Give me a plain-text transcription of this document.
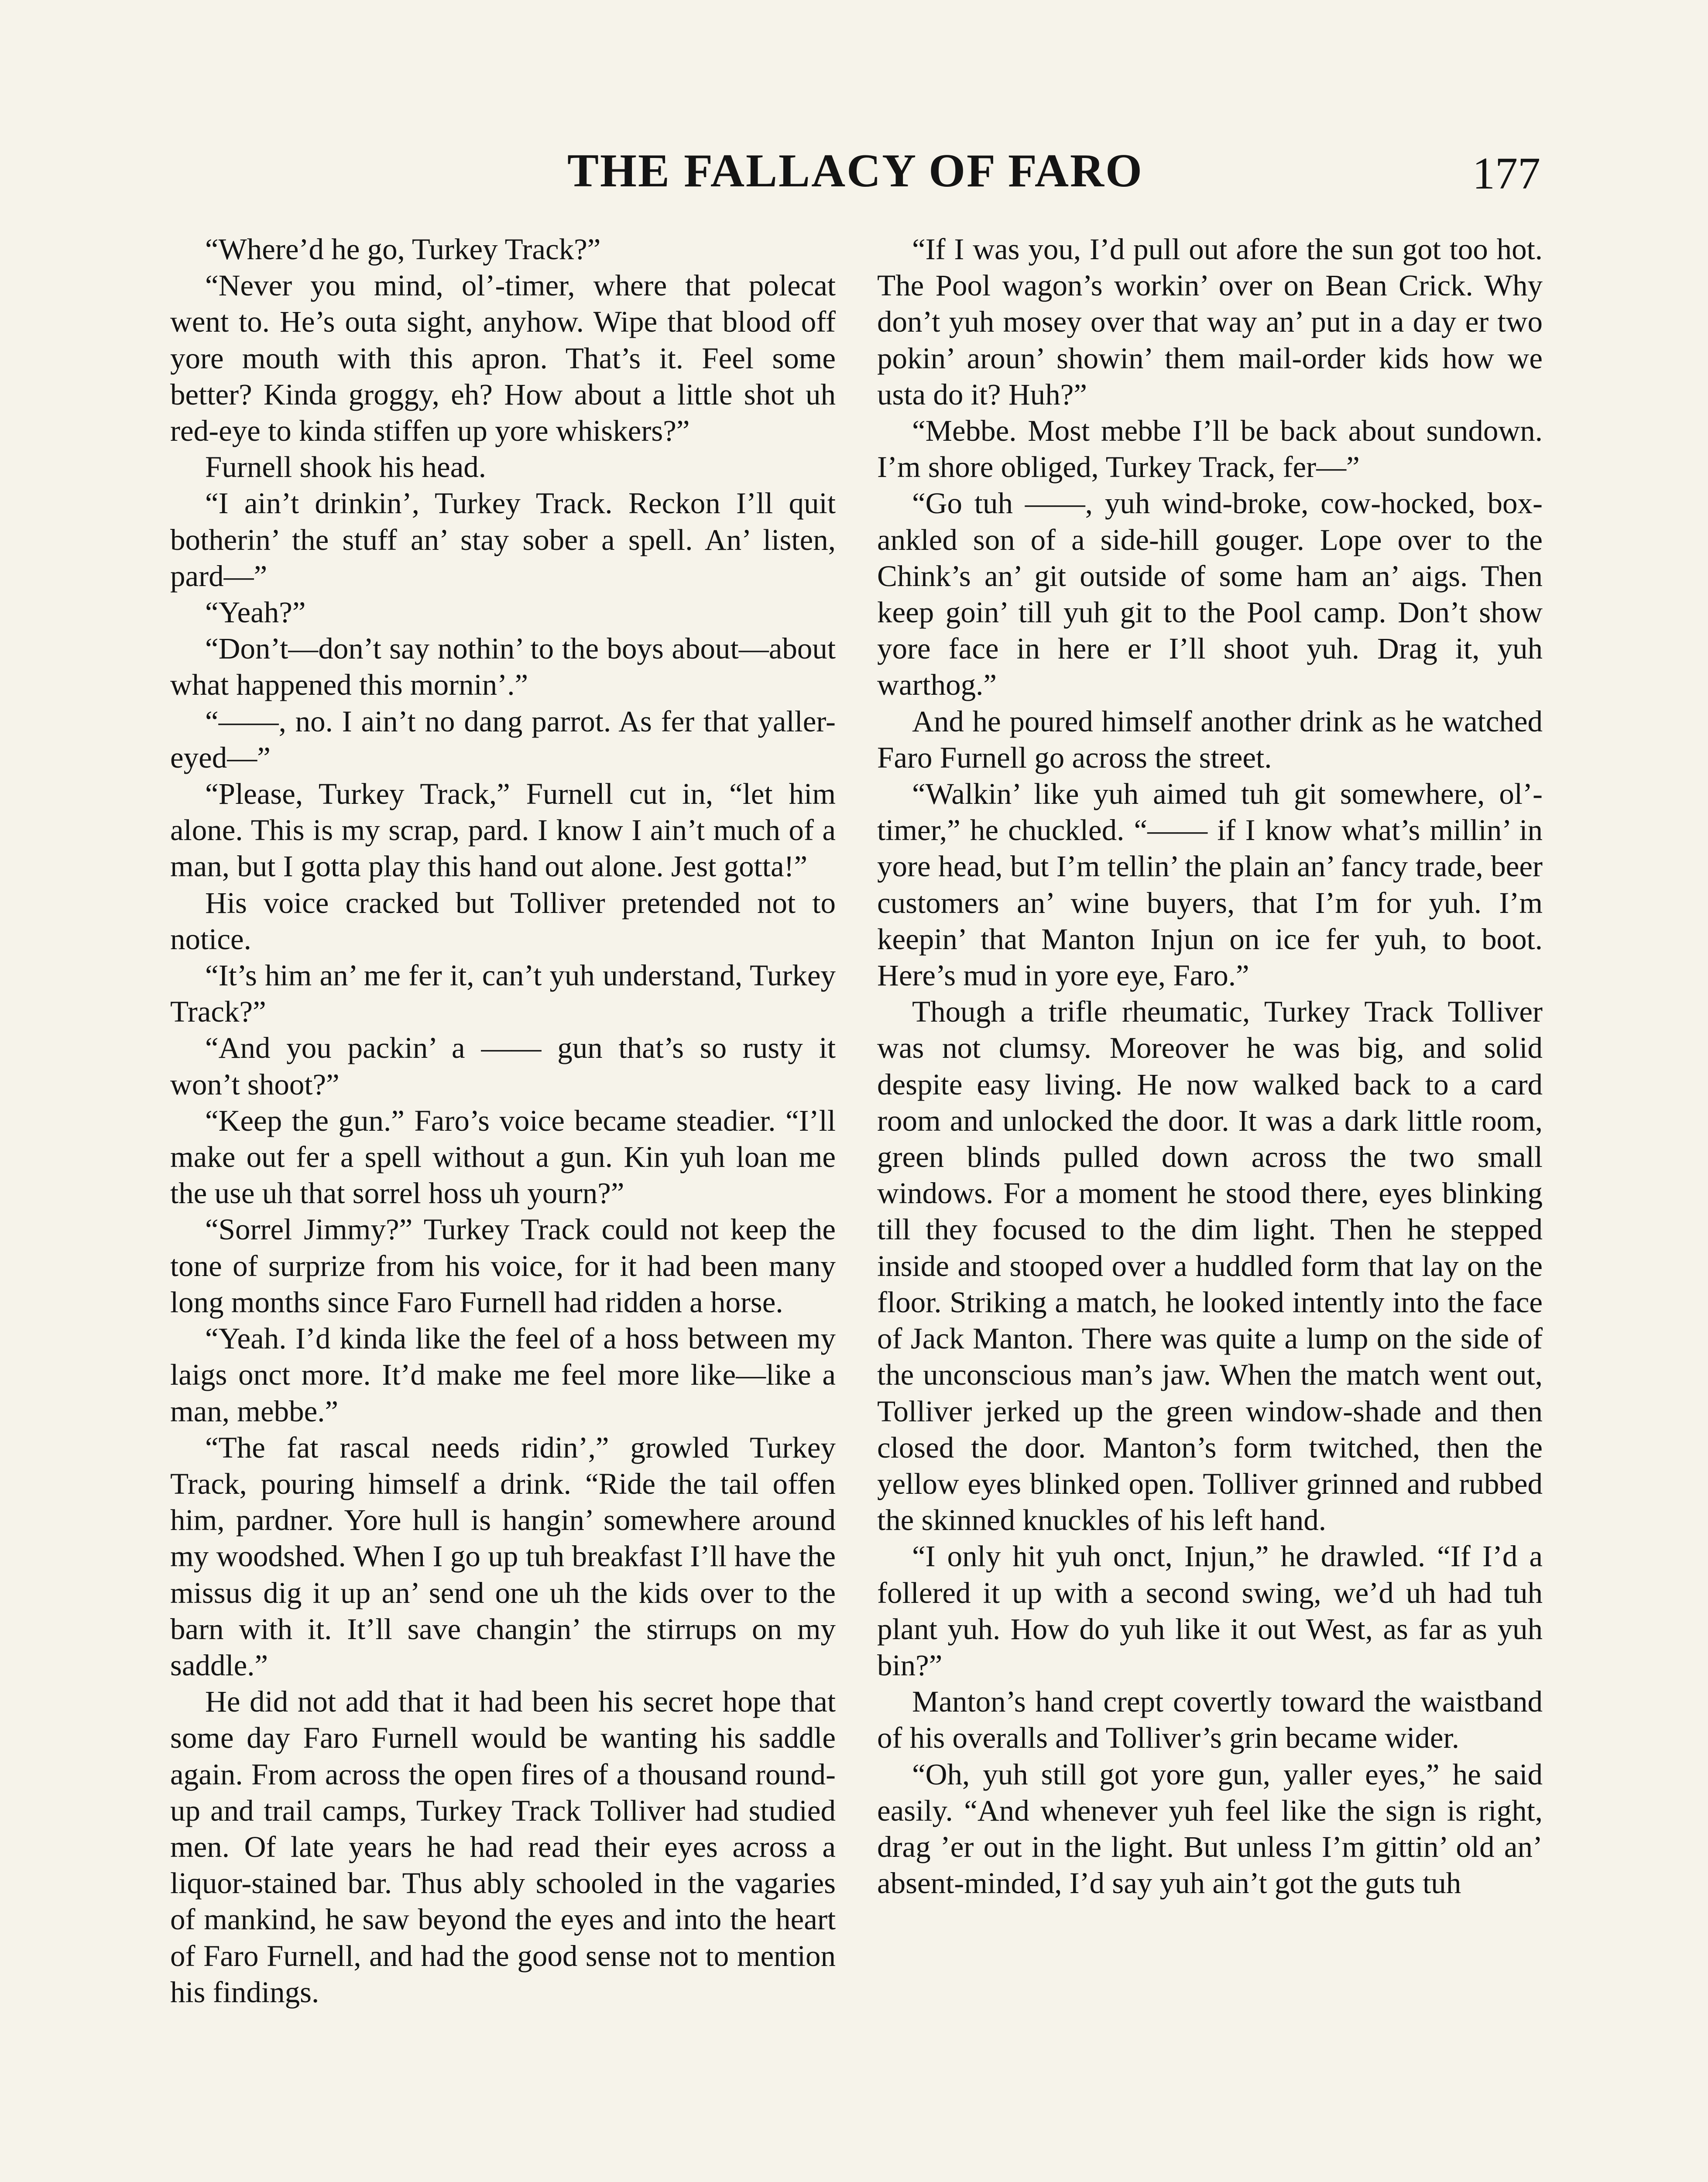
THE FALLACY OF FARO	177

“Where’d he go, Turkey Track?”

“Never you mind, ol’-timer, where that polecat went to. He’s outa sight, anyhow. Wipe that blood off yore mouth with this apron. That’s it. Feel some better? Kinda groggy, eh? How about a little shot uh red-eye to kinda stiffen up yore whiskers?”

Furnell shook his head.

“I ain’t drinkin’, Turkey Track. Reckon I’ll quit botherin’ the stuff an’ stay sober a spell. An’ listen, pard—”

“Yeah?”

“Don’t—don’t say nothin’ to the boys about—about what happened this mornin’.”

“——, no. I ain’t no dang parrot. As fer that yaller-eyed—”

“Please, Turkey Track,” Furnell cut in, “let him alone. This is my scrap, pard. I know I ain’t much of a man, but I gotta play this hand out alone. Jest gotta!”

His voice cracked but Tolliver pretended not to notice.

“It’s him an’ me fer it, can’t yuh understand, Turkey Track?”

“And you packin’ a —— gun that’s so rusty it won’t shoot?”

“Keep the gun.” Faro’s voice became steadier. “I’ll make out fer a spell without a gun. Kin yuh loan me the use uh that sorrel hoss uh yourn?”

“Sorrel Jimmy?” Turkey Track could not keep the tone of surprize from his voice, for it had been many long months since Faro Furnell had ridden a horse.

“Yeah. I’d kinda like the feel of a hoss between my laigs onct more. It’d make me feel more like—like a man, mebbe.”

“The fat rascal needs ridin’,” growled Turkey Track, pouring himself a drink. “Ride the tail offen him, pardner. Yore hull is hangin’ somewhere around my woodshed. When I go up tuh breakfast I’ll have the missus dig it up an’ send one uh the kids over to the barn with it. It’ll save changin’ the stirrups on my saddle.”

He did not add that it had been his secret hope that some day Faro Furnell would be wanting his saddle again. From across the open fires of a thousand round-up and trail camps, Turkey Track Tolliver had studied men. Of late years he had read their eyes across a liquor-stained bar. Thus ably schooled in the vagaries of mankind, he saw beyond the eyes and into the heart of Faro Furnell, and had the good sense not to mention his findings.

“If I was you, I’d pull out afore the sun got too hot. The Pool wagon’s workin’ over on Bean Crick. Why don’t yuh mosey over that way an’ put in a day er two pokin’ aroun’ showin’ them mail-order kids how we usta do it? Huh?”

“Mebbe. Most mebbe I’ll be back about sundown. I’m shore obliged, Turkey Track, fer—”

“Go tuh ——, yuh wind-broke, cow-hocked, box-ankled son of a side-hill gouger. Lope over to the Chink’s an’ git outside of some ham an’ aigs. Then keep goin’ till yuh git to the Pool camp. Don’t show yore face in here er I’ll shoot yuh. Drag it, yuh warthog.”

And he poured himself another drink as he watched Faro Furnell go across the street.

“Walkin’ like yuh aimed tuh git somewhere, ol’-timer,” he chuckled. “—— if I know what’s millin’ in yore head, but I’m tellin’ the plain an’ fancy trade, beer customers an’ wine buyers, that I’m for yuh. I’m keepin’ that Manton Injun on ice fer yuh, to boot. Here’s mud in yore eye, Faro.”

Though a trifle rheumatic, Turkey Track Tolliver was not clumsy. Moreover he was big, and solid despite easy living. He now walked back to a card room and unlocked the door. It was a dark little room, green blinds pulled down across the two small windows. For a moment he stood there, eyes blinking till they focused to the dim light. Then he stepped inside and stooped over a huddled form that lay on the floor. Striking a match, he looked intently into the face of Jack Manton. There was quite a lump on the side of the unconscious man’s jaw. When the match went out, Tolliver jerked up the green window-shade and then closed the door. Manton’s form twitched, then the yellow eyes blinked open. Tolliver grinned and rubbed the skinned knuckles of his left hand.

“I only hit yuh onct, Injun,” he drawled. “If I’d a follered it up with a second swing, we’d uh had tuh plant yuh. How do yuh like it out West, as far as yuh bin?”

Manton’s hand crept covertly toward the waistband of his overalls and Tolliver’s grin became wider.

“Oh, yuh still got yore gun, yaller eyes,” he said easily. “And whenever yuh feel like the sign is right, drag ’er out in the light. But unless I’m gittin’ old an’ absent-minded, I’d say yuh ain’t got the guts tuh
